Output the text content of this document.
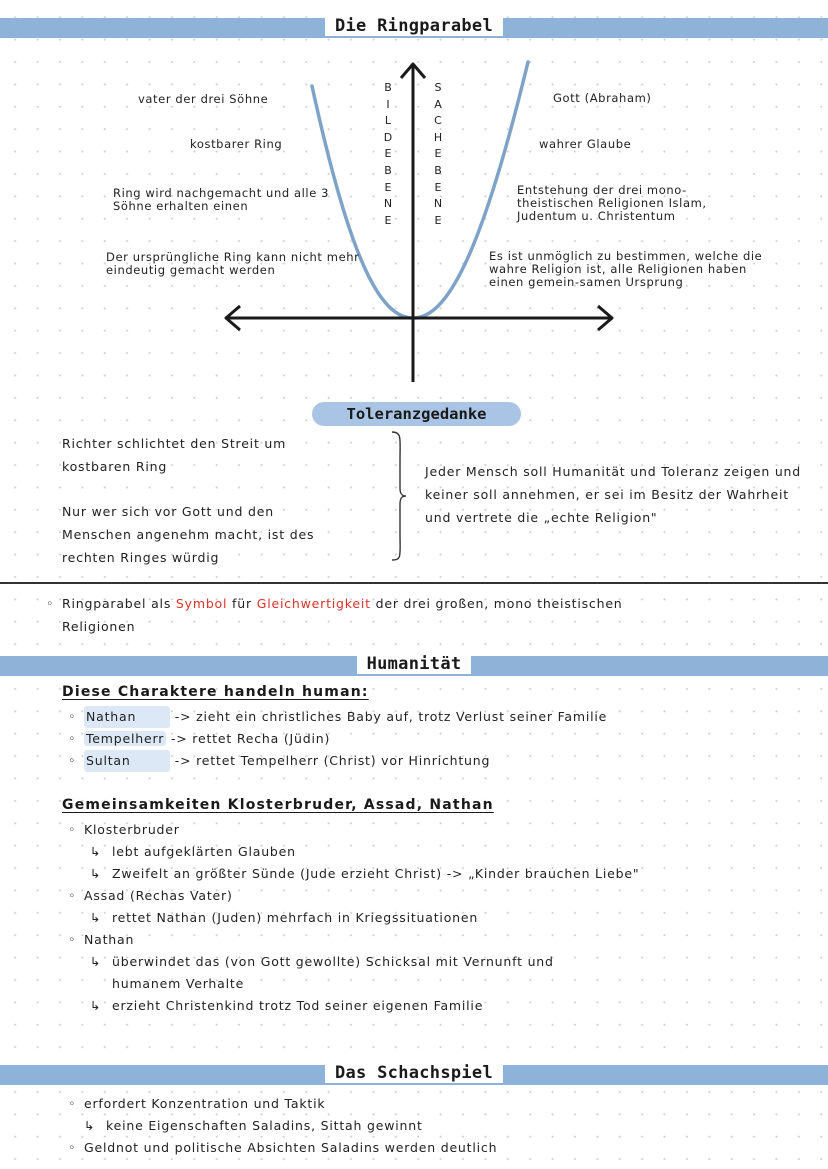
Die Ringparabel
B
I
L
D
E
B
E
N
E
S
A
C
H
E
B
E
N
E
vater der drei Söhne
kostbarer Ring
Ring wird nachgemacht und alle 3 Söhne erhalten einen
Der ursprüngliche Ring kann nicht mehr eindeutig gemacht werden
Gott (Abraham)
wahrer Glaube
Entstehung der drei mono-theistischen Religionen Islam, Judentum u. Christentum
Es ist unmöglich zu bestimmen, welche die wahre Religion ist, alle Religionen haben einen gemein-samen Ursprung
Toleranzgedanke
Richter schlichtet den Streit um kostbaren Ring
Nur wer sich vor Gott und den Menschen angenehm macht, ist des rechten Ringes würdig
Jeder Mensch soll Humanität und Toleranz zeigen und keiner soll annehmen, er sei im Besitz der Wahrheit und vertrete die „echte Religion"
◦ Ringparabel als Symbol für Gleichwertigkeit der drei großen, mono theistischen
Religionen
Humanität
Diese Charaktere handeln human:
◦ Nathan	-> zieht ein christliches Baby auf, trotz Verlust seiner Familie
◦ Tempelherr -> rettet Recha (Jüdin)
◦ Sultan	-> rettet Tempelherr (Christ) vor Hinrichtung
Gemeinsamkeiten Klosterbruder, Assad, Nathan
◦ Klosterbruder
↳ lebt aufgeklärten Glauben
↳ Zweifelt an größter Sünde (Jude erzieht Christ) -> „Kinder brauchen Liebe"
◦ Assad (Rechas Vater)
↳ rettet Nathan (Juden) mehrfach in Kriegssituationen
◦ Nathan
↳ überwindet das (von Gott gewollte) Schicksal mit Vernunft und
humanem Verhalte
↳ erzieht Christenkind trotz Tod seiner eigenen Familie
Das Schachspiel
◦ erfordert Konzentration und Taktik
↳ keine Eigenschaften Saladins, Sittah gewinnt
◦ Geldnot und politische Absichten Saladins werden deutlich
